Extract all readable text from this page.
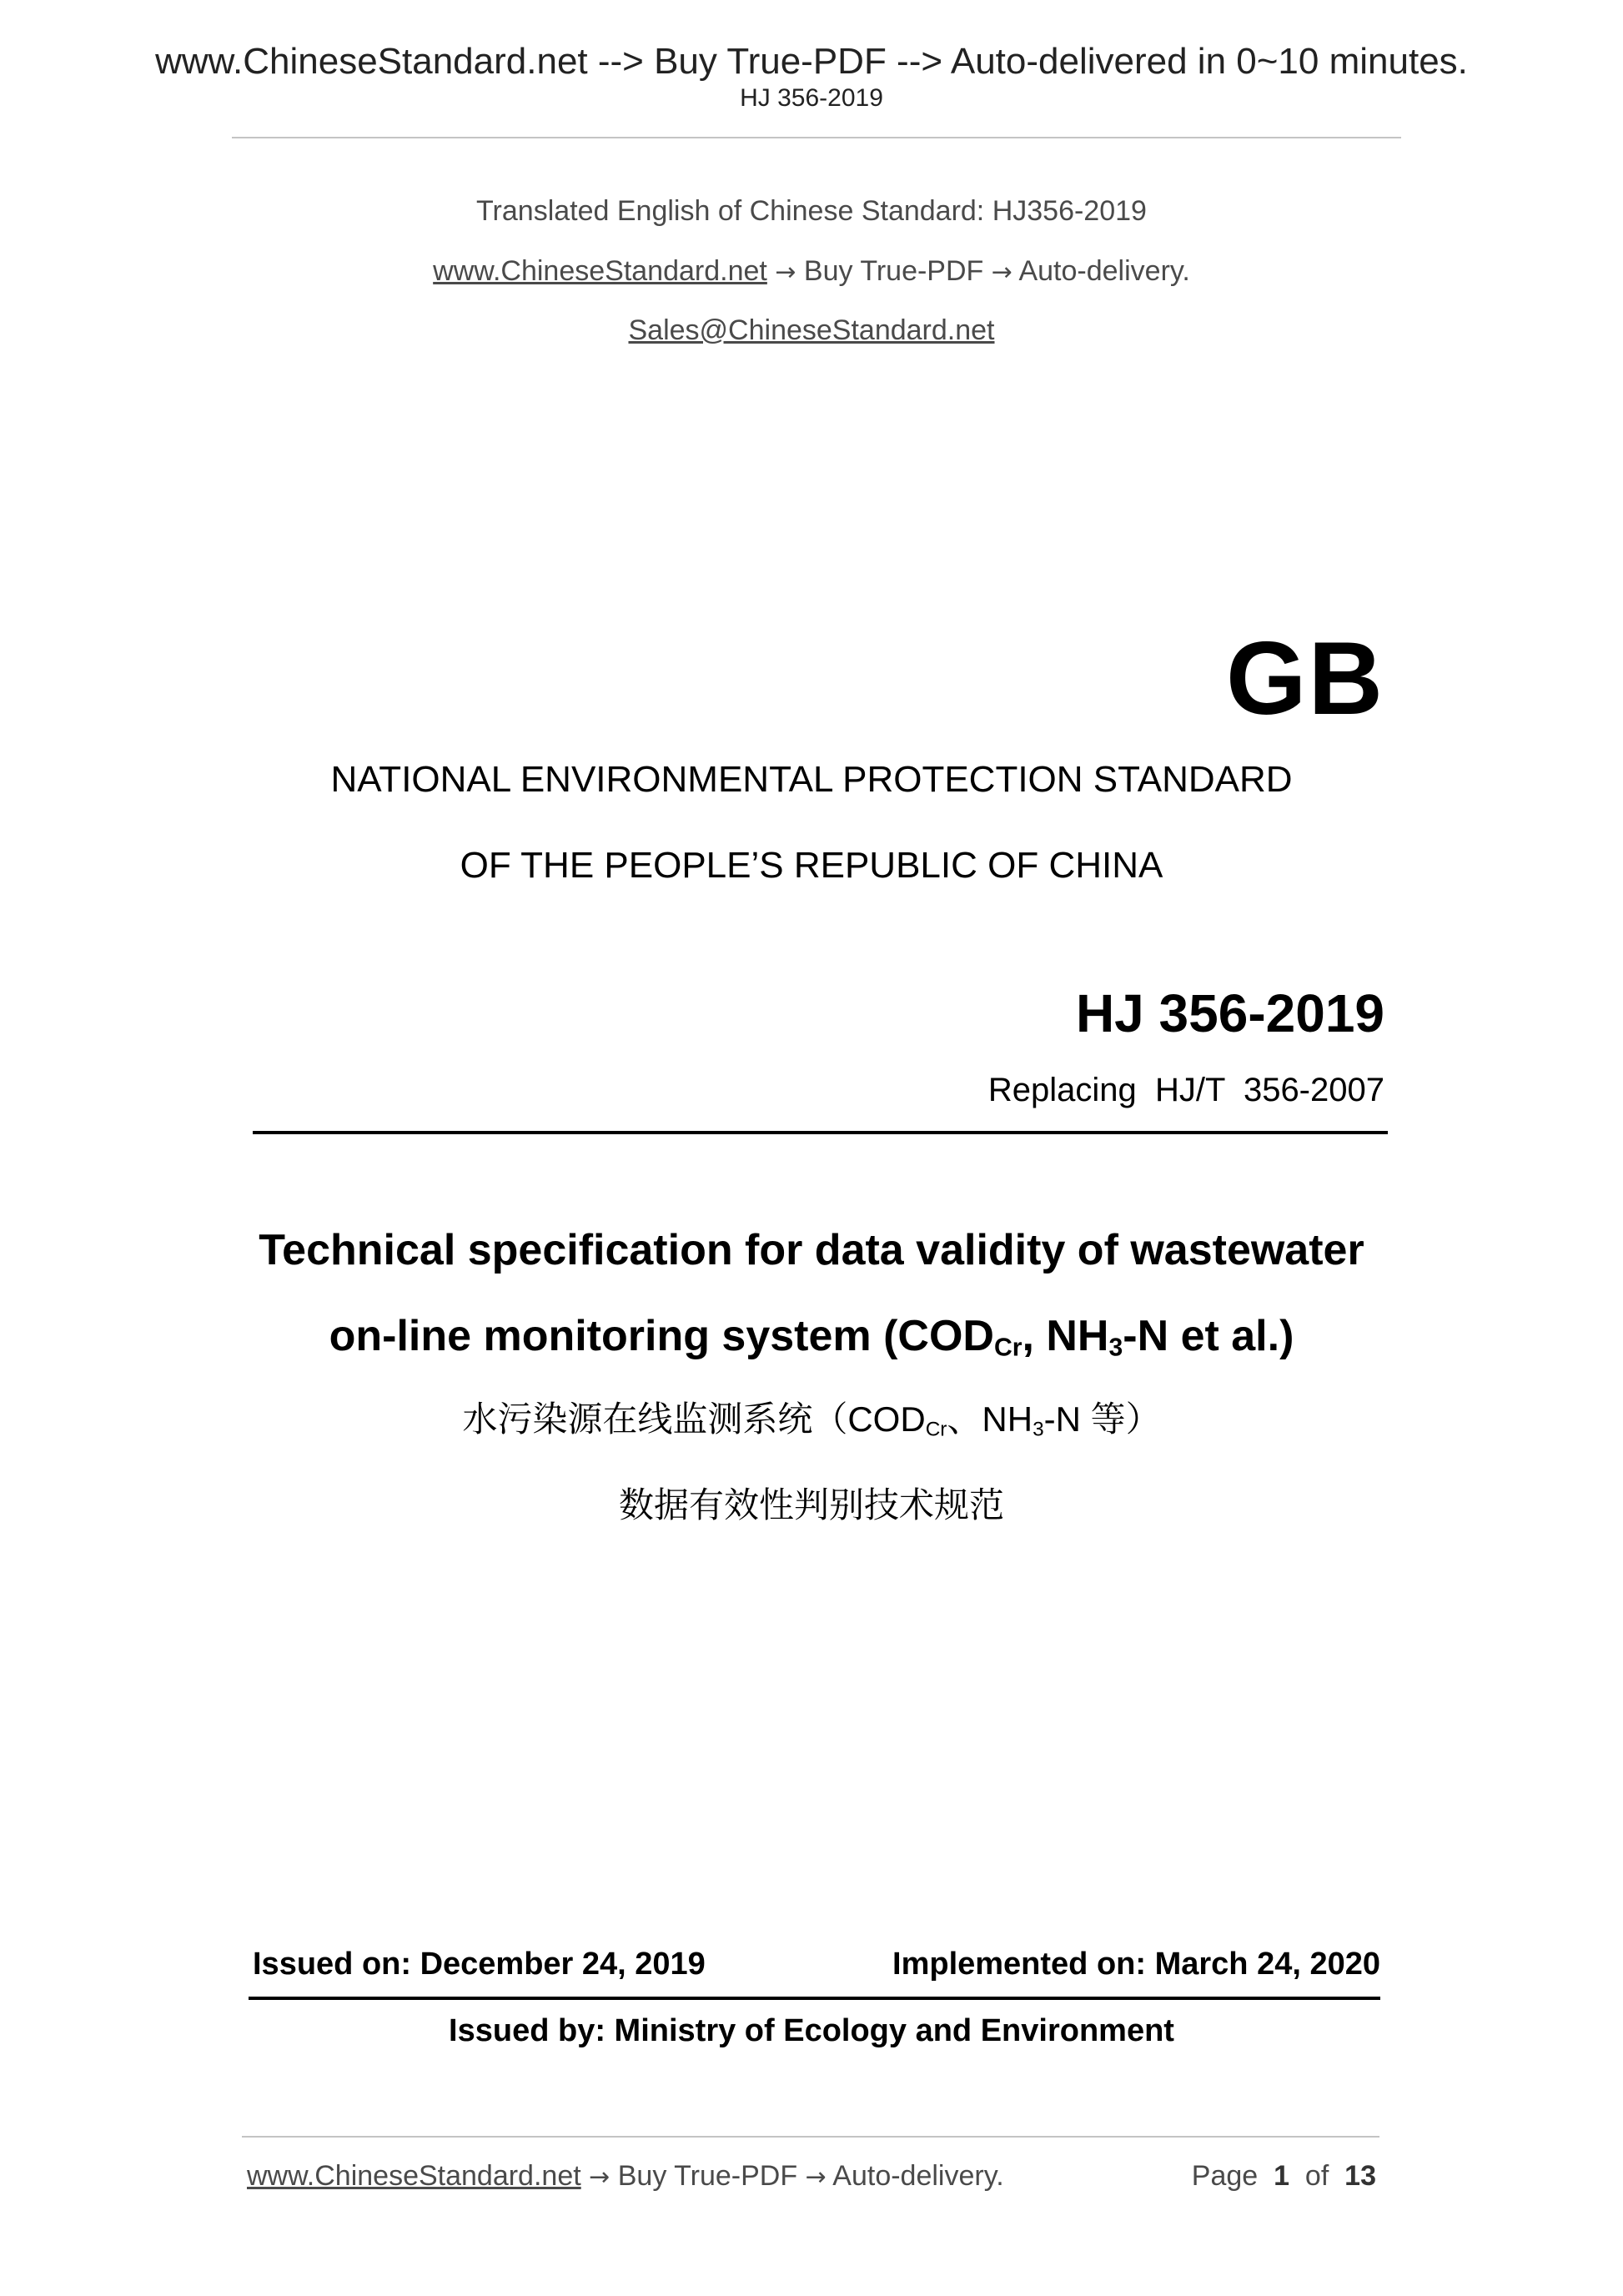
www.ChineseStandard.net --> Buy True-PDF --> Auto-delivered in 0~10 minutes.
HJ 356-2019
Translated English of Chinese Standard: HJ356-2019
www.ChineseStandard.net → Buy True-PDF → Auto-delivery.
Sales@ChineseStandard.net
GB
NATIONAL ENVIRONMENTAL PROTECTION STANDARD
OF THE PEOPLE’S REPUBLIC OF CHINA
HJ 356-2019
Replacing  HJ/T  356-2007
Technical specification for data validity of wastewater
on-line monitoring system ($COD_{Cr}$, $NH_3-N$ et al.)
水污染源在线监测系统（$COD_{Cr}$、$NH_3-N$ 等）
数据有效性判别技术规范
Issued on: December 24, 2019	Implemented on: March 24, 2020
Issued by: Ministry of Ecology and Environment
www.ChineseStandard.net → Buy True-PDF → Auto-delivery.	Page 1 of 13
